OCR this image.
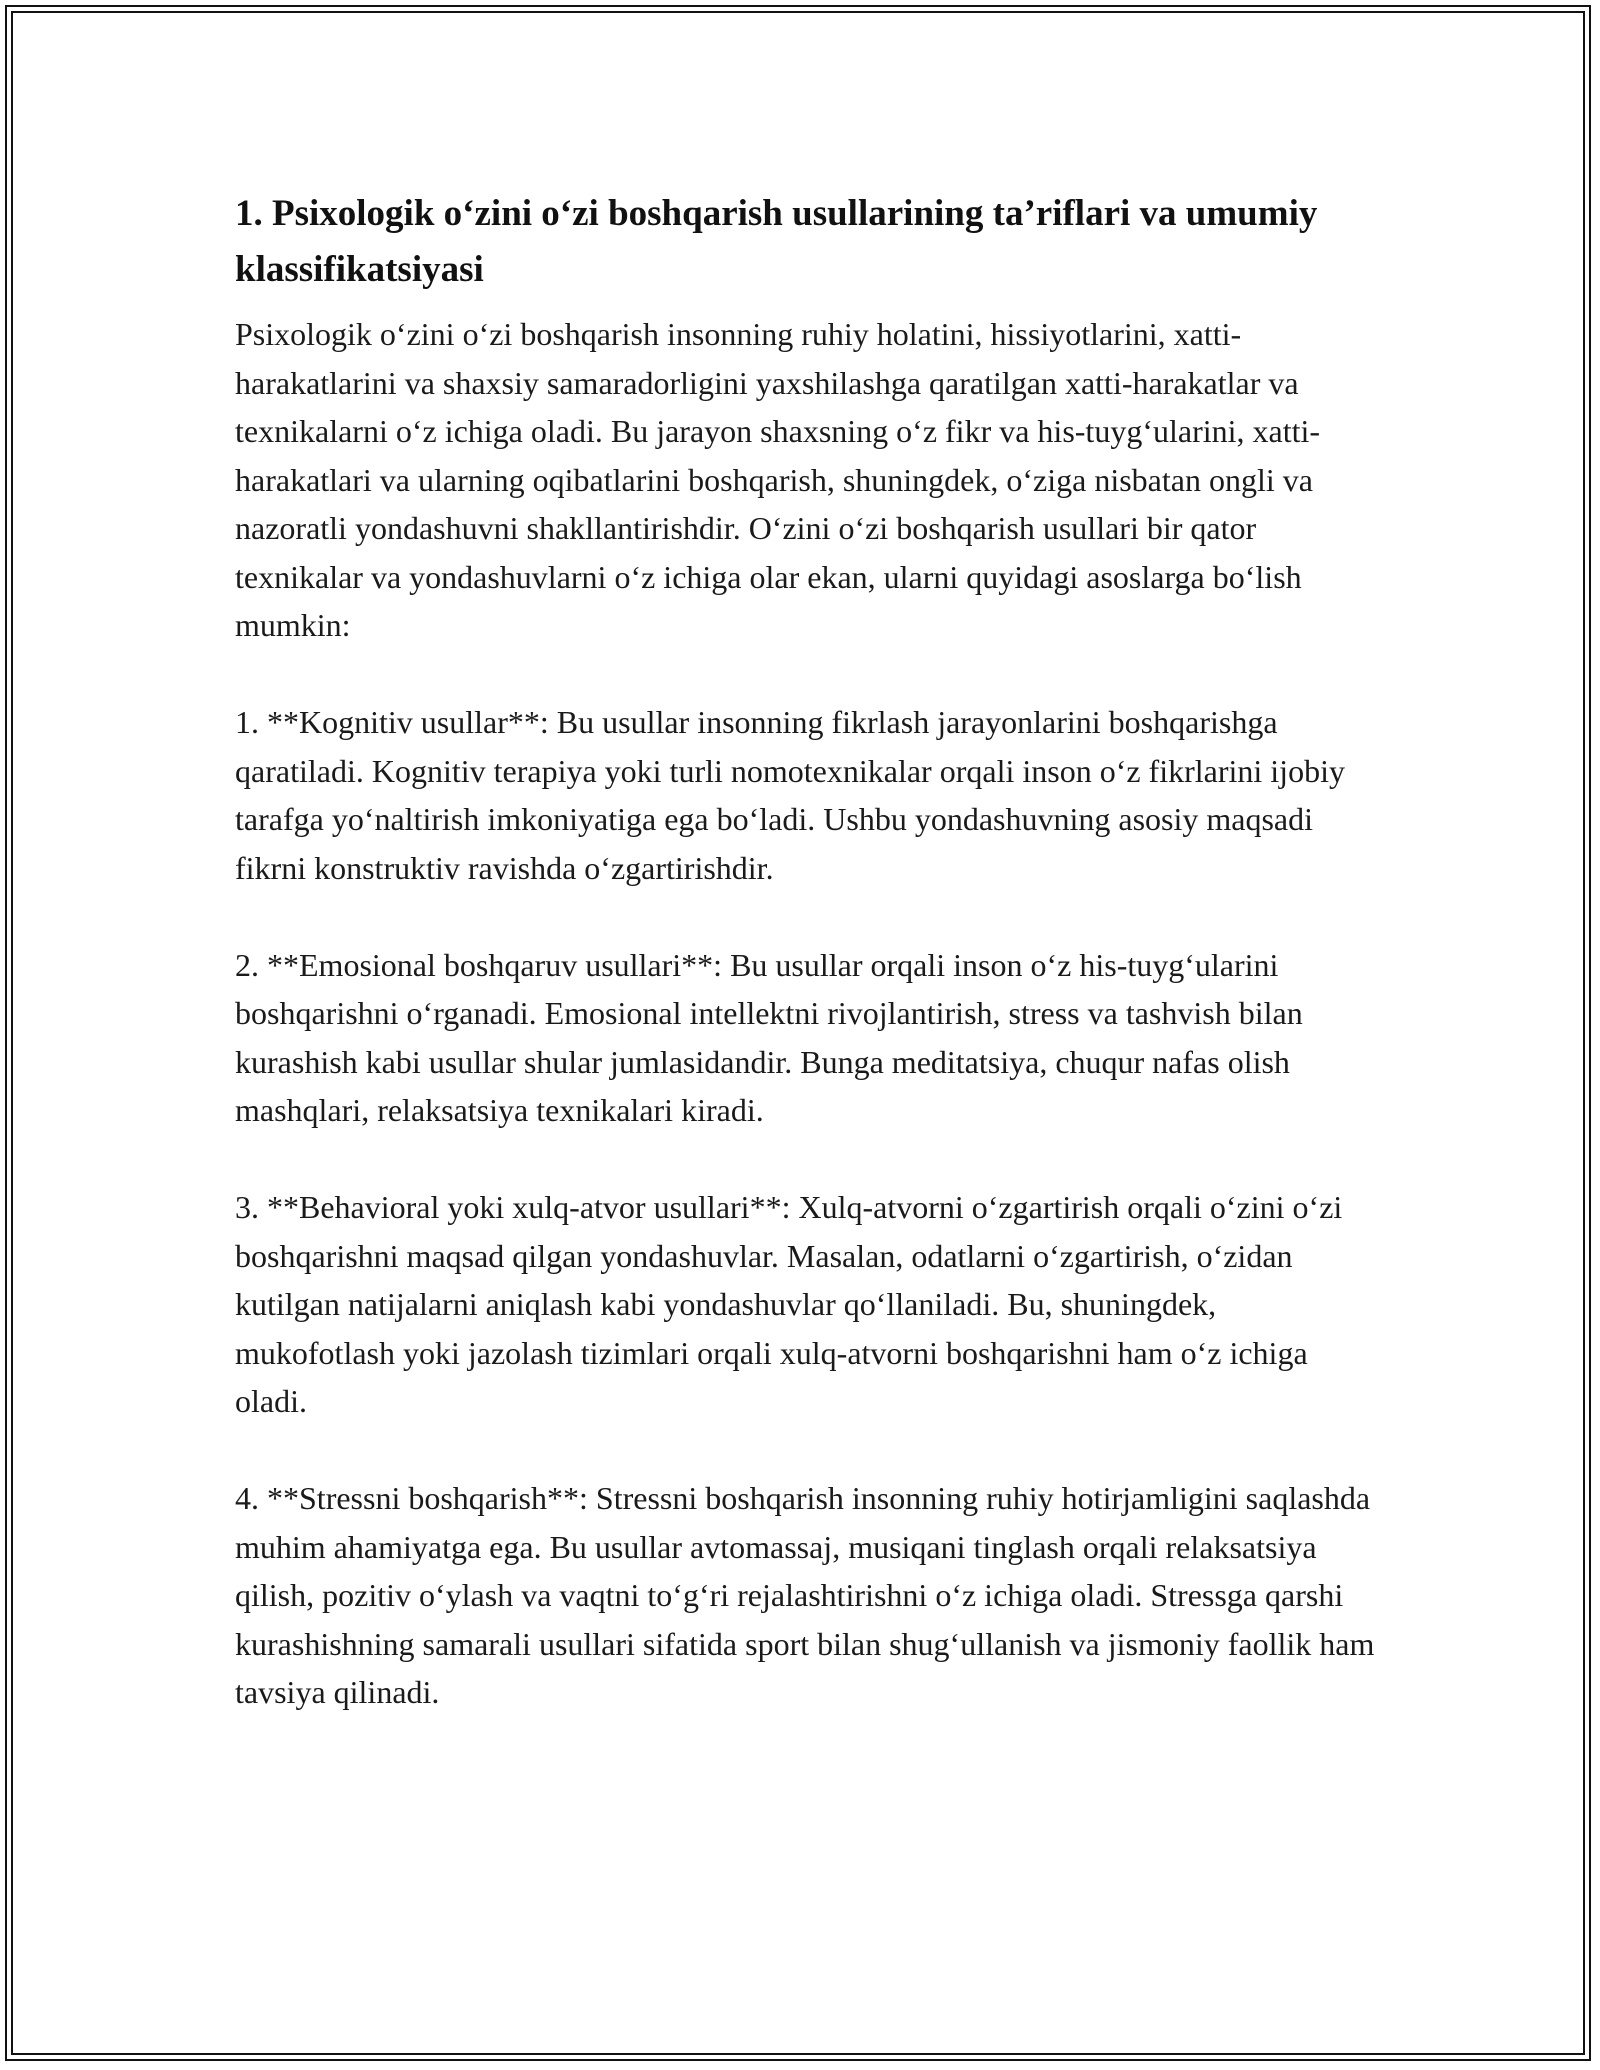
1. Psixologik o‘zini o‘zi boshqarish usullarining ta’riflari va umumiy klassifikatsiyasi

Psixologik o‘zini o‘zi boshqarish insonning ruhiy holatini, hissiyotlarini, xatti-harakatlarini va shaxsiy samaradorligini yaxshilashga qaratilgan xatti-harakatlar va texnikalarni o‘z ichiga oladi. Bu jarayon shaxsning o‘z fikr va his-tuyg‘ularini, xatti-harakatlari va ularning oqibatlarini boshqarish, shuningdek, o‘ziga nisbatan ongli va nazoratli yondashuvni shakllantirishdir. O‘zini o‘zi boshqarish usullari bir qator texnikalar va yondashuvlarni o‘z ichiga olar ekan, ularni quyidagi asoslarga bo‘lish mumkin:

1. **Kognitiv usullar**: Bu usullar insonning fikrlash jarayonlarini boshqarishga qaratiladi. Kognitiv terapiya yoki turli nomotexnikalar orqali inson o‘z fikrlarini ijobiy tarafga yo‘naltirish imkoniyatiga ega bo‘ladi. Ushbu yondashuvning asosiy maqsadi fikrni konstruktiv ravishda o‘zgartirishdir.

2. **Emosional boshqaruv usullari**: Bu usullar orqali inson o‘z his-tuyg‘ularini boshqarishni o‘rganadi. Emosional intellektni rivojlantirish, stress va tashvish bilan kurashish kabi usullar shular jumlasidandir. Bunga meditatsiya, chuqur nafas olish mashqlari, relaksatsiya texnikalari kiradi.

3. **Behavioral yoki xulq-atvor usullari**: Xulq-atvorni o‘zgartirish orqali o‘zini o‘zi boshqarishni maqsad qilgan yondashuvlar. Masalan, odatlarni o‘zgartirish, o‘zidan kutilgan natijalarni aniqlash kabi yondashuvlar qo‘llaniladi. Bu, shuningdek, mukofotlash yoki jazolash tizimlari orqali xulq-atvorni boshqarishni ham o‘z ichiga oladi.

4. **Stressni boshqarish**: Stressni boshqarish insonning ruhiy hotirjamligini saqlashda muhim ahamiyatga ega. Bu usullar avtomassaj, musiqani tinglash orqali relaksatsiya qilish, pozitiv o‘ylash va vaqtni to‘g‘ri rejalashtirishni o‘z ichiga oladi. Stressga qarshi kurashishning samarali usullari sifatida sport bilan shug‘ullanish va jismoniy faollik ham tavsiya qilinadi.
